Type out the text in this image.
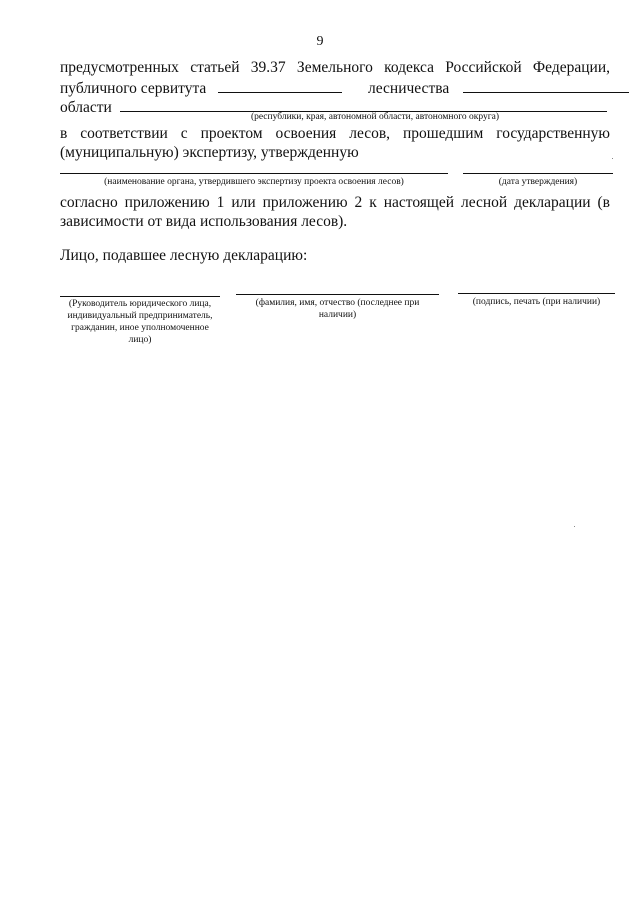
9
предусмотренных статьей 39.37 Земельного кодекса Российской Федерации,
публичного сервитута	лесничества
области
(республики, края, автономной области, автономного округа)
в соответствии с проектом освоения лесов, прошедшим государственную
(муниципальную) экспертизу, утвержденную
(наименование органа, утвердившего экспертизу проекта освоения лесов)	(дата утверждения)
согласно приложению 1 или приложению 2 к настоящей лесной декларации (в
зависимости от вида использования лесов).
Лицо, подавшее лесную декларацию:
(Руководитель юридического лица, индивидуальный предприниматель, гражданин, иное уполномоченное лицо)
(фамилия, имя, отчество (последнее при наличии)
(подпись, печать (при наличии)
